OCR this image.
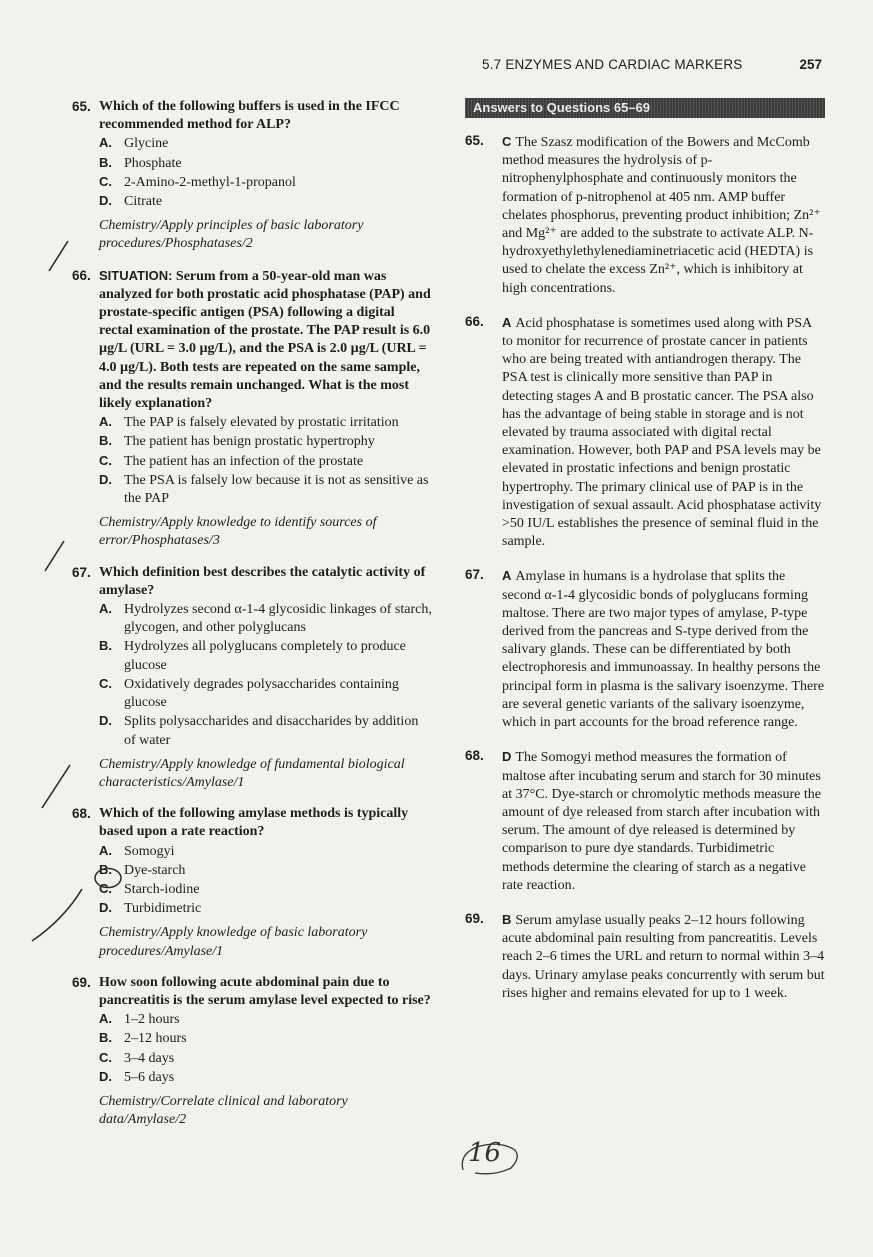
5.7 ENZYMES AND CARDIAC MARKERS	257
65. Which of the following buffers is used in the IFCC recommended method for ALP?
A. Glycine
B. Phosphate
C. 2-Amino-2-methyl-1-propanol
D. Citrate
Chemistry/Apply principles of basic laboratory procedures/Phosphatases/2
66. SITUATION: Serum from a 50-year-old man was analyzed for both prostatic acid phosphatase (PAP) and prostate-specific antigen (PSA) following a digital rectal examination of the prostate. The PAP result is 6.0 µg/L (URL = 3.0 µg/L), and the PSA is 2.0 µg/L (URL = 4.0 µg/L). Both tests are repeated on the same sample, and the results remain unchanged. What is the most likely explanation?
A. The PAP is falsely elevated by prostatic irritation
B. The patient has benign prostatic hypertrophy
C. The patient has an infection of the prostate
D. The PSA is falsely low because it is not as sensitive as the PAP
Chemistry/Apply knowledge to identify sources of error/Phosphatases/3
67. Which definition best describes the catalytic activity of amylase?
A. Hydrolyzes second α-1-4 glycosidic linkages of starch, glycogen, and other polyglucans
B. Hydrolyzes all polyglucans completely to produce glucose
C. Oxidatively degrades polysaccharides containing glucose
D. Splits polysaccharides and disaccharides by addition of water
Chemistry/Apply knowledge of fundamental biological characteristics/Amylase/1
68. Which of the following amylase methods is typically based upon a rate reaction?
A. Somogyi
B. Dye-starch
C. Starch-iodine
D. Turbidimetric
Chemistry/Apply knowledge of basic laboratory procedures/Amylase/1
69. How soon following acute abdominal pain due to pancreatitis is the serum amylase level expected to rise?
A. 1–2 hours
B. 2–12 hours
C. 3–4 days
D. 5–6 days
Chemistry/Correlate clinical and laboratory data/Amylase/2
Answers to Questions 65–69
65.	C The Szasz modification of the Bowers and McComb method measures the hydrolysis of p-nitrophenylphosphate and continuously monitors the formation of p-nitrophenol at 405 nm. AMP buffer chelates phosphorus, preventing product inhibition; Zn²⁺ and Mg²⁺ are added to the substrate to activate ALP. N-hydroxyethylethylenediaminetriacetic acid (HEDTA) is used to chelate the excess Zn²⁺, which is inhibitory at high concentrations.
66.	A Acid phosphatase is sometimes used along with PSA to monitor for recurrence of prostate cancer in patients who are being treated with antiandrogen therapy. The PSA test is clinically more sensitive than PAP in detecting stages A and B prostatic cancer. The PSA also has the advantage of being stable in storage and is not elevated by trauma associated with digital rectal examination. However, both PAP and PSA levels may be elevated in prostatic infections and benign prostatic hypertrophy. The primary clinical use of PAP is in the investigation of sexual assault. Acid phosphatase activity >50 IU/L establishes the presence of seminal fluid in the sample.
67.	A Amylase in humans is a hydrolase that splits the second α-1-4 glycosidic bonds of polyglucans forming maltose. There are two major types of amylase, P-type derived from the pancreas and S-type derived from the salivary glands. These can be differentiated by both electrophoresis and immunoassay. In healthy persons the principal form in plasma is the salivary isoenzyme. There are several genetic variants of the salivary isoenzyme, which in part accounts for the broad reference range.
68.	D The Somogyi method measures the formation of maltose after incubating serum and starch for 30 minutes at 37°C. Dye-starch or chromolytic methods measure the amount of dye released from starch after incubation with serum. The amount of dye released is determined by comparison to pure dye standards. Turbidimetric methods determine the clearing of starch as a negative rate reaction.
69.	B Serum amylase usually peaks 2–12 hours following acute abdominal pain resulting from pancreatitis. Levels reach 2–6 times the URL and return to normal within 3–4 days. Urinary amylase peaks concurrently with serum but rises higher and remains elevated for up to 1 week.
16
